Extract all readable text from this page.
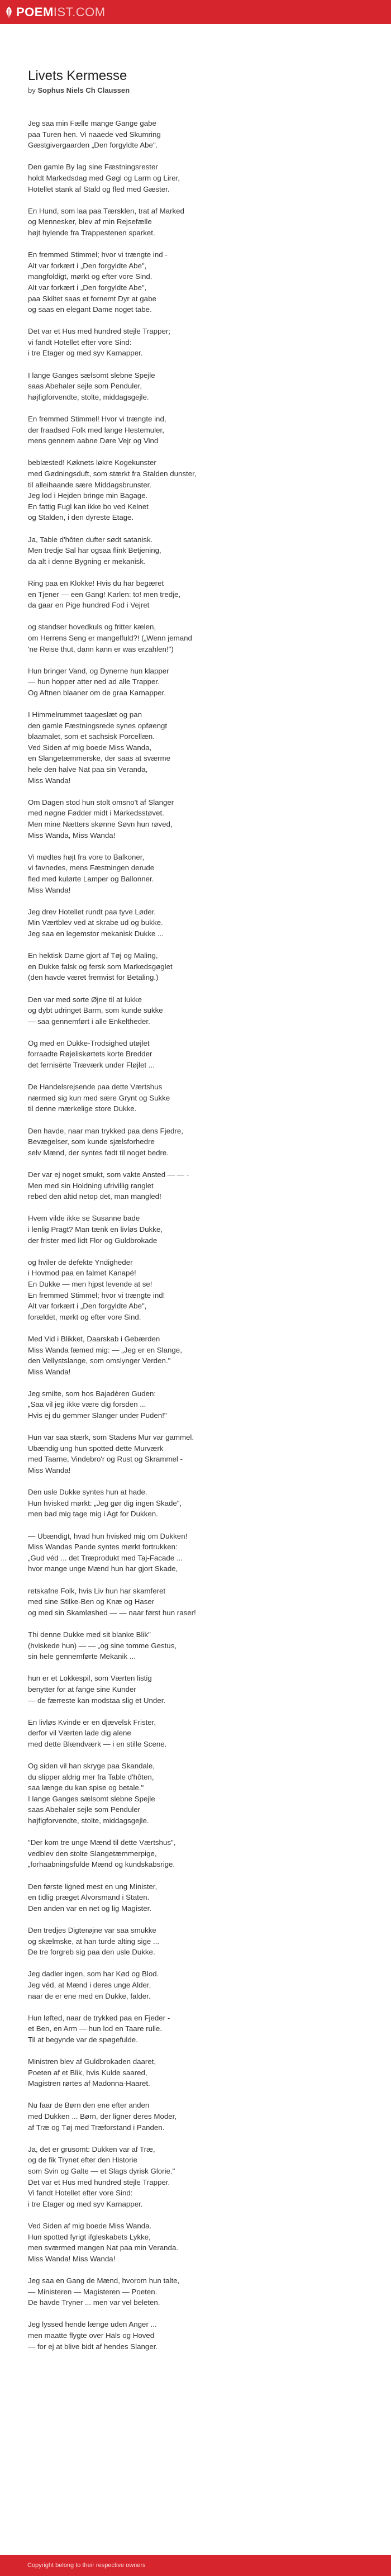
POEMIST.COM
Livets Kermesse

by Sophus Niels Ch Claussen

Jeg saa min Fælle mange Gange gabe
paa Turen hen. Vi naaede ved Skumring
Gæstgivergaarden „Den forgyldte Abe".
Den gamle By lag sine Fæstningsrester
holdt Markedsdag med Gøgl og Larm og Lirer,
Hotellet stank af Stald og fled med Gæster.
En Hund, som laa paa Tærsklen, trat af Marked
og Mennesker, blev af min Rejsefælle
højt hylende fra Trappestenen sparket.
En fremmed Stimmel; hvor vi trængte ind -
Alt var forkært i „Den forgyldte Abe",
mangfoldigt, mørkt og efter vore Sind.
Alt var forkært i „Den forgyldte Abe",
paa Skiltet saas et fornemt Dyr at gabe
og saas en elegant Dame noget tabe.
Det var et Hus med hundred stejle Trapper;
vi fandt Hotellet efter vore Sind:
i tre Etager og med syv Karnapper.
I lange Ganges sælsomt slebne Spejle
saas Abehaler sejle som Penduler,
højfigforvendte, stolte, middagsgejle.
En fremmed Stimmel! Hvor vi trængte ind,
der fraadsed Folk med lange Hestemuler,
mens gennem aabne Døre Vejr og Vind
beblæsted! Køknets løkre Kogekunster
med Gødningsduft, som stærkt fra Stalden dunster,
til alleihaande sære Middagsbrunster.
Jeg lod i Hejden bringe min Bagage.
En fattig Fugl kan ikke bo ved Kelnet
og Stalden, i den dyreste Etage.
Ja, Table d'hôten dufter sødt satanisk.
Men tredje Sal har ogsaa flink Betjening,
da alt i denne Bygning er mekanisk.
Ring paa en Klokke! Hvis du har begæret
en Tjener — een Gang! Karlen: to! men tredje,
da gaar en Pige hundred Fod i Vejret
og standser hovedkuls og fritter kælen,
om Herrens Seng er mangelfuld?! („Wenn jemand
'ne Reise thut, dann kann er was erzahlen!")
Hun bringer Vand, og Dynerne hun klapper
— hun hopper atter ned ad alle Trapper.
Og Aftnen blaaner om de graa Karnapper.
I Himmelrummet taageslæt og pan
den gamle Fæstningsrede synes opføengt
blaamalet, som et sachsisk Porcellæn.
Ved Siden af mig boede Miss Wanda,
en Slangetæmmerske, der saas at sværme
hele den halve Nat paa sin Veranda,
Miss Wanda!
Om Dagen stod hun stolt omsno't af Slanger
med nøgne Fødder midt i Markedsstøvet.
Men mine Nætters skønne Søvn hun røved,
Miss Wanda, Miss Wanda!
Vi mødtes højt fra vore to Balkoner,
vi favnedes, mens Fæstningen derude
fled med kulørte Lamper og Ballonner.
Miss Wanda!
Jeg drev Hotellet rundt paa tyve Løder.
Min Værtblev ved at skrabe ud og bukke.
Jeg saa en legemstor mekanisk Dukke ...
En hektisk Dame gjort af Tøj og Maling,
en Dukke falsk og fersk som Markedsgøglet
(den havde været fremvist for Betaling.)
Den var med sorte Øjne til at lukke
og dybt udringet Barm, som kunde sukke
— saa gennemført i alle Enkeltheder.
Og med en Dukke-Trodsighed utøjlet
forraadte Røjeliskørtets korte Bredder
det fernisërte Træværk under Fløjlet ...
De Handelsrejsende paa dette Værtshus
nærmed sig kun med sære Grynt og Sukke
til denne mærkelige store Dukke.
Den havde, naar man trykked paa dens Fjedre,
Bevægelser, som kunde sjælsforhedre
selv Mænd, der syntes født til noget bedre.
Der var ej noget smukt, som vakte Ansted — — -
Men med sin Holdning ufrivillig ranglet
rebed den altid netop det, man mangled!
Hvem vilde ikke se Susanne bade
i lenlig Pragt? Man tænk en livløs Dukke,
der frister med lidt Flor og Guldbrokade
og hviler de defekte Yndigheder
i Hovmod paa en falmet Kanapé!
En Dukke — men hjpst levende at se!
En fremmed Stimmel; hvor vi trængte ind!
Alt var forkært i „Den forgyldte Abe",
forældet, mørkt og efter vore Sind.
Med Vid i Blikket, Daarskab i Gebærden
Miss Wanda fæmed mig: — „Jeg er en Slange,
den Vellystslange, som omslynger Verden."
Miss Wanda!
Jeg smilte, som hos Bajadèren Guden:
„Saa vil jeg ikke være dig forsden ...
Hvis ej du gemmer Slanger under Puden!"
Hun var saa stærk, som Stadens Mur var gammel.
Ubændig ung hun spotted dette Murværk
med Taarne, Vindebro'r og Rust og Skrammel -
Miss Wanda!
Den usle Dukke syntes hun at hade.
Hun hvisked mørkt: „Jeg gør dig ingen Skade",
men bad mig tage mig i Agt for Dukken.
— Ubændigt, hvad hun hvisked mig om Dukken!
Miss Wandas Pande syntes mørkt fortrukken:
„Gud véd ... det Træprodukt med Taj-Facade ...
hvor mange unge Mænd hun har gjort Skade,
retskafne Folk, hvis Liv hun har skamferet
med sine Stilke-Ben og Knæ og Haser
og med sin Skamløshed — — naar først hun raser!
Thi denne Dukke med sit blanke Blik"
(hviskede hun) — — „og sine tomme Gestus,
sin hele gennemførte Mekanik ...
hun er et Lokkespil, som Værten listig
benytter for at fange sine Kunder
— de færreste kan modstaa slig et Under.
En livløs Kvinde er en djævelsk Frister,
derfor vil Værten lade dig alene
med dette Blændværk — i en stille Scene.
Og siden vil han skryge paa Skandale,
du slipper aldrig mer fra Table d'hôten,
saa længe du kan spise og betale."
I lange Ganges sælsomt slebne Spejle
saas Abehaler sejle som Penduler
højfigforvendte, stolte, middagsgejle.
"Der kom tre unge Mænd til dette Værtshus",
vedblev den stolte Slangetæmmerpige,
„forhaabningsfulde Mænd og kundskabsrige.
Den første ligned mest en ung Minister,
en tidlig præget Alvorsmand i Staten.
Den anden var en net og lig Magister.
Den tredjes Digterøjne var saa smukke
og skælmske, at han turde alting sige ...
De tre forgreb sig paa den usle Dukke.
Jeg dadler ingen, som har Kød og Blod.
Jeg véd, at Mænd i deres unge Alder,
naar de er ene med en Dukke, falder.
Hun løfted, naar de trykked paa en Fjeder -
et Ben, en Arm — hun lod en Taare rulle.
Til at begynde var de spøgefulde.
Ministren blev af Guldbrokaden daaret,
Poeten af et Blik, hvis Kulde saared,
Magistren rørtes af Madonna-Haaret.
Nu faar de Børn den ene efter anden
med Dukken ... Børn, der ligner deres Moder,
af Træ og Tøj med Træforstand i Panden.
Ja, det er grusomt: Dukken var af Træ,
og de fik Trynet efter den Historie
som Svin og Galte — et Slags dyrisk Glorie."
Det var et Hus med hundred stejle Trapper.
Vi fandt Hotellet efter vore Sind:
i tre Etager og med syv Karnapper.
Ved Siden af mig boede Miss Wanda.
Hun spotted fyrigt ifgleskabets Lykke,
men sværmed mangen Nat paa min Veranda.
Miss Wanda! Miss Wanda!
Jeg saa en Gang de Mænd, hvorom hun talte,
— Ministeren — Magisteren — Poeten.
De havde Tryner ... men var vel beleten.
Jeg lyssed hende længe uden Anger ...
men maatte flygte over Hals og Hoved
— for ej at blive bidt af hendes Slanger.
Copyright belong to their respective owners
